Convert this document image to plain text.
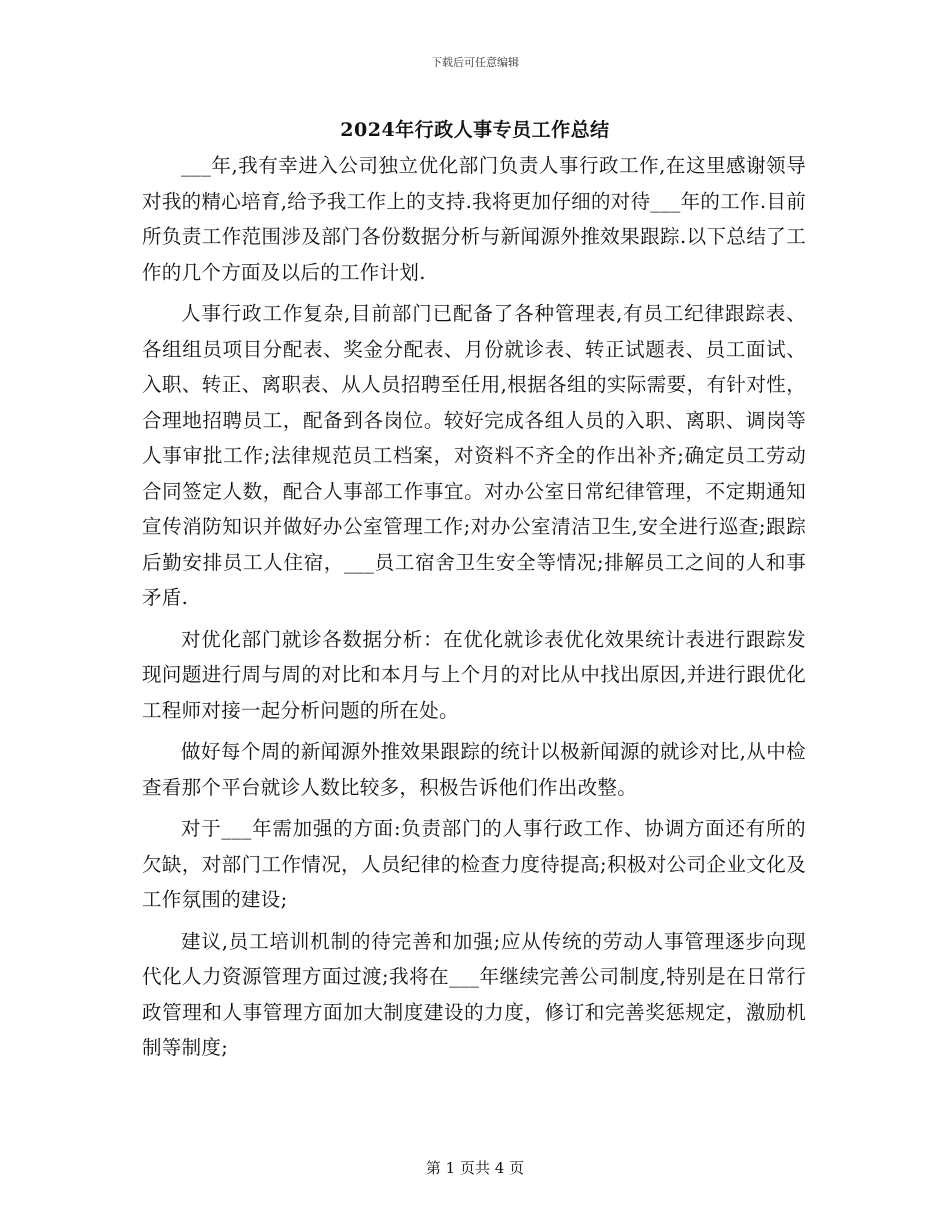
下载后可任意编辑
2024年行政人事专员工作总结

___年,我有幸进入公司独立优化部门负责人事行政工作,在这里感谢领导对我的精心培育,给予我工作上的支持.我将更加仔细的对待___年的工作.目前所负责工作范围涉及部门各份数据分析与新闻源外推效果跟踪.以下总结了工作的几个方面及以后的工作计划.

人事行政工作复杂,目前部门已配备了各种管理表,有员工纪律跟踪表、各组组员项目分配表、奖金分配表、月份就诊表、转正试题表、员工面试、入职、转正、离职表、从人员招聘至任用,根据各组的实际需要，有针对性，合理地招聘员工，配备到各岗位。较好完成各组人员的入职、离职、调岗等人事审批工作;法律规范员工档案，对资料不齐全的作出补齐;确定员工劳动合同签定人数，配合人事部工作事宜。对办公室日常纪律管理，不定期通知宣传消防知识并做好办公室管理工作;对办公室清洁卫生,安全进行巡查;跟踪后勤安排员工人住宿，___员工宿舍卫生安全等情况;排解员工之间的人和事矛盾.

对优化部门就诊各数据分析：在优化就诊表优化效果统计表进行跟踪发现问题进行周与周的对比和本月与上个月的对比从中找出原因,并进行跟优化工程师对接一起分析问题的所在处。

做好每个周的新闻源外推效果跟踪的统计以极新闻源的就诊对比,从中检查看那个平台就诊人数比较多，积极告诉他们作出改整。

对于___年需加强的方面:负责部门的人事行政工作、协调方面还有所的欠缺，对部门工作情况，人员纪律的检查力度待提高;积极对公司企业文化及工作氛围的建设;

建议,员工培训机制的待完善和加强;应从传统的劳动人事管理逐步向现代化人力资源管理方面过渡;我将在___年继续完善公司制度,特别是在日常行政管理和人事管理方面加大制度建设的力度，修订和完善奖惩规定，激励机制等制度;

第 1 页共 4 页
